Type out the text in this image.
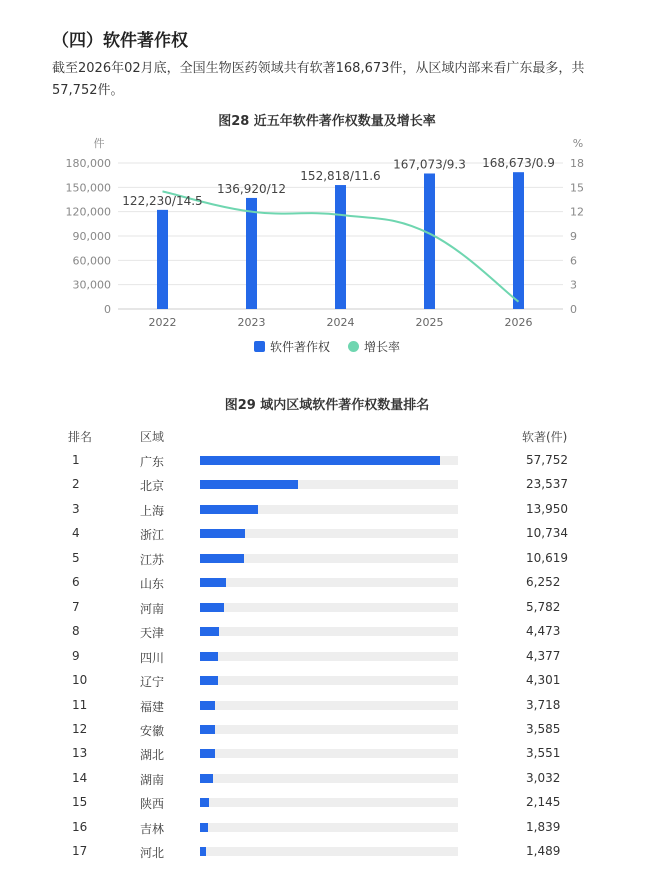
（四）软件著作权

截至2026年02月底，全国生物医药领域共有软著168,673件，从区域内部来看广东最多，共57,752件。

图28 近五年软件著作权数量及增长率
件	%
0	0
30,000	3
60,000	6
90,000	9
120,000	12
150,000	15
180,000	18
122,230/14.5
136,920/12
152,818/11.6
167,073/9.3 168,673/0.9
2022	2023	2024	2025	2026
软件著作权	增长率
图29 域内区域软件著作权数量排名
排名	区域	软著(件)
1	广东	57,752
2	北京	23,537
3	上海	13,950
4	浙江	10,734
5	江苏	10,619
6	山东	6,252
7	河南	5,782
8	天津	4,473
9	四川	4,377
10	辽宁	4,301
11	福建	3,718
12	安徽	3,585
13	湖北	3,551
14	湖南	3,032
15	陕西	2,145
16	吉林	1,839
17	河北	1,489
